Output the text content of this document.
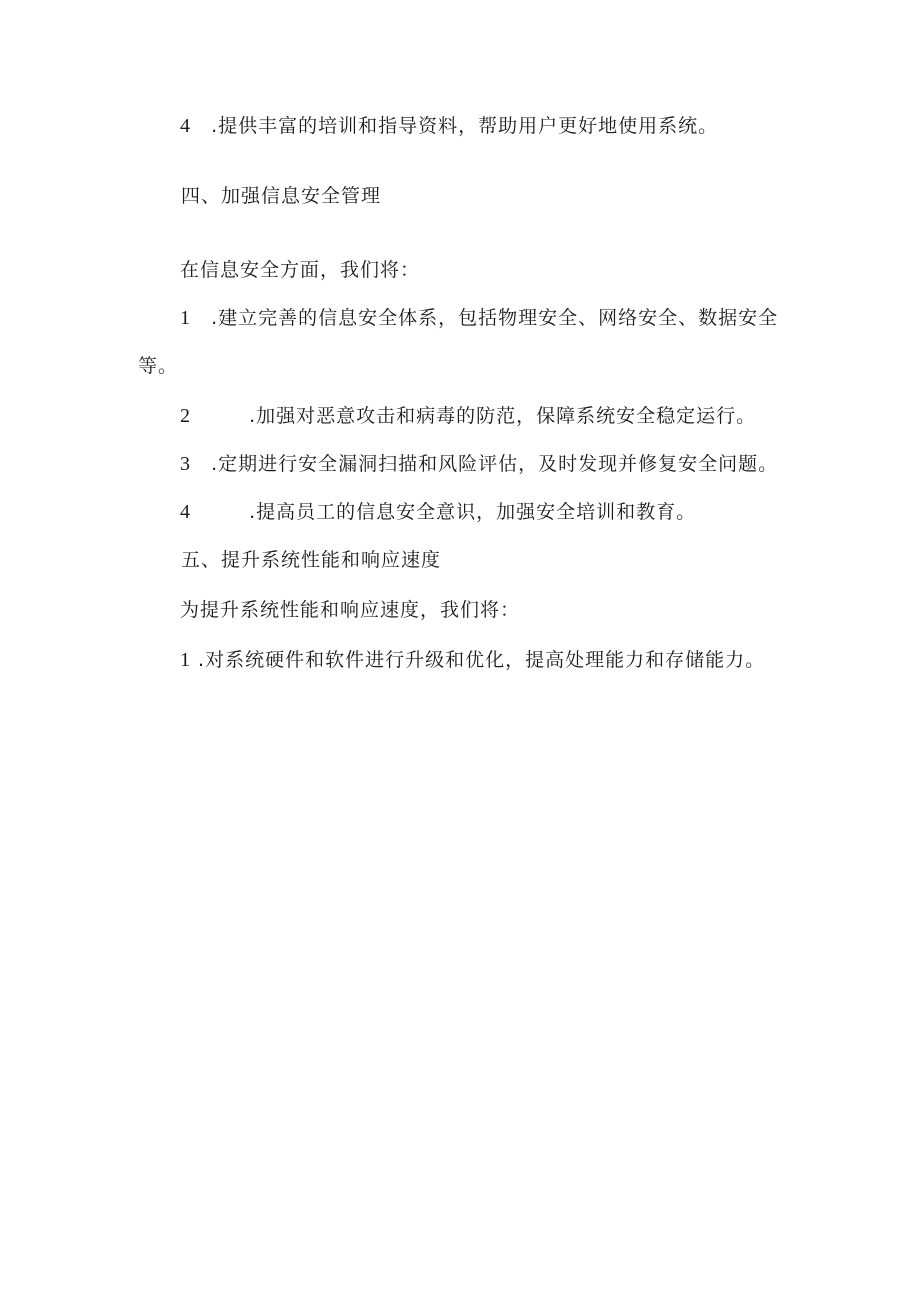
4 .提供丰富的培训和指导资料，帮助用户更好地使用系统。
四、加强信息安全管理
在信息安全方面，我们将：
1 .建立完善的信息安全体系，包括物理安全、网络安全、数据安全
等。
2	.加强对恶意攻击和病毒的防范，保障系统安全稳定运行。
3 .定期进行安全漏洞扫描和风险评估，及时发现并修复安全问题。
4	.提高员工的信息安全意识，加强安全培训和教育。
五、提升系统性能和响应速度
为提升系统性能和响应速度，我们将：
1 .对系统硬件和软件进行升级和优化，提高处理能力和存储能力。
